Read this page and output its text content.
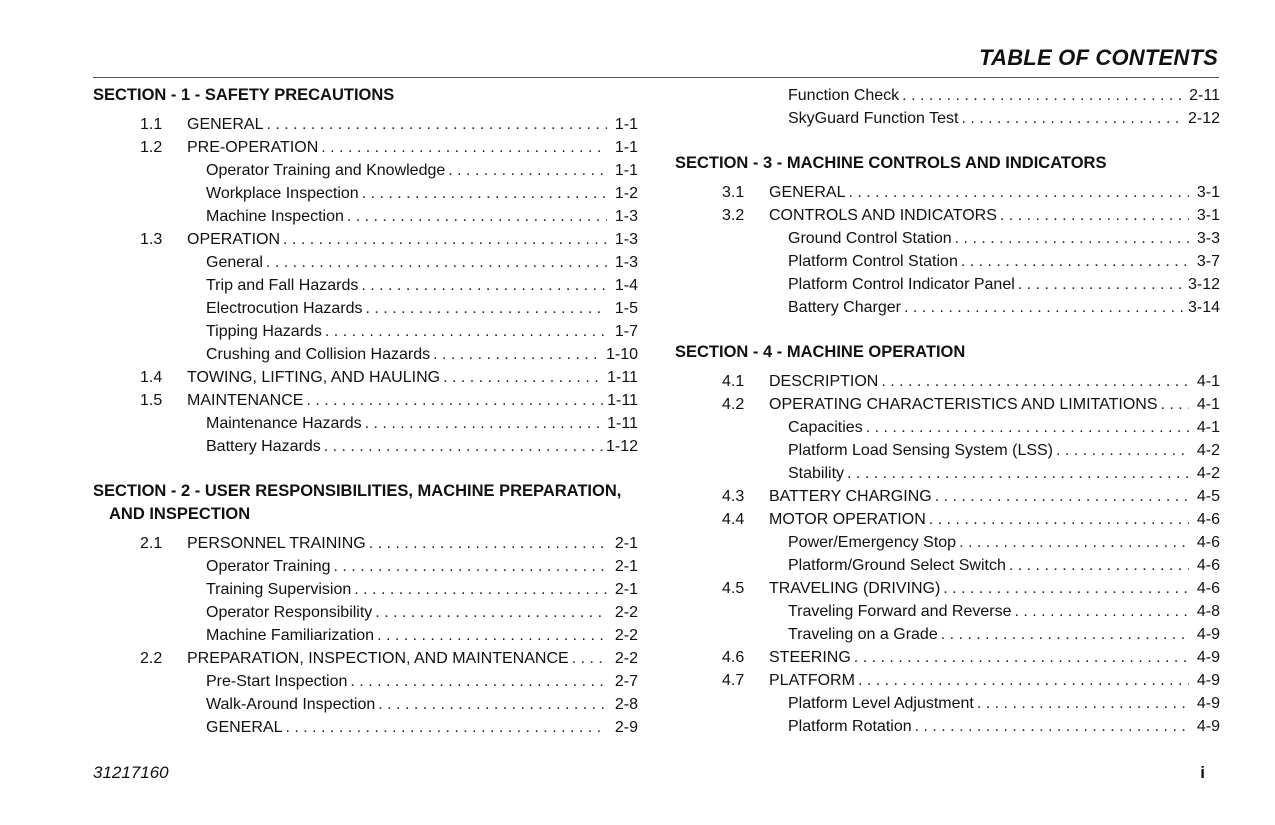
TABLE OF CONTENTS
SECTION - 1 - SAFETY PRECAUTIONS
1.1 GENERAL . . .	1-1
1.2 PRE-OPERATION . . .	1-1
Operator Training and Knowledge . . .	1-1
Workplace Inspection . . .	1-2
Machine Inspection . . .	1-3
1.3 OPERATION . . .	1-3
General . . .	1-3
Trip and Fall Hazards . . .	1-4
Electrocution Hazards . . .	1-5
Tipping Hazards . . .	1-7
Crushing and Collision Hazards . . .	1-10
1.4 TOWING, LIFTING, AND HAULING . . .	1-11
1.5 MAINTENANCE . . .	1-11
Maintenance Hazards . . .	1-11
Battery Hazards . . .	1-12
SECTION - 2 - USER RESPONSIBILITIES, MACHINE PREPARATION,
AND INSPECTION
2.1 PERSONNEL TRAINING . . .	2-1
Operator Training . . .	2-1
Training Supervision . . .	2-1
Operator Responsibility . . .	2-2
Machine Familiarization . . .	2-2
2.2 PREPARATION, INSPECTION, AND MAINTENANCE . . .	2-2
Pre-Start Inspection . . .	2-7
Walk-Around Inspection . . .	2-8
GENERAL . . .	2-9
Function Check . . .	2-11
SkyGuard Function Test . . .	2-12
SECTION - 3 - MACHINE CONTROLS AND INDICATORS
3.1 GENERAL . . .	3-1
3.2 CONTROLS AND INDICATORS . . .	3-1
Ground Control Station . . .	3-3
Platform Control Station . . .	3-7
Platform Control Indicator Panel . . .	3-12
Battery Charger . . .	3-14
SECTION - 4 - MACHINE OPERATION
4.1 DESCRIPTION . . .	4-1
4.2 OPERATING CHARACTERISTICS AND LIMITATIONS . . .	4-1
Capacities . . .	4-1
Platform Load Sensing System (LSS) . . .	4-2
Stability . . .	4-2
4.3 BATTERY CHARGING . . .	4-5
4.4 MOTOR OPERATION . . .	4-6
Power/Emergency Stop . . .	4-6
Platform/Ground Select Switch . . .	4-6
4.5 TRAVELING (DRIVING) . . .	4-6
Traveling Forward and Reverse . . .	4-8
Traveling on a Grade . . .	4-9
4.6 STEERING . . .	4-9
4.7 PLATFORM . . .	4-9
Platform Level Adjustment . . .	4-9
Platform Rotation . . .	4-9
31217160	i
